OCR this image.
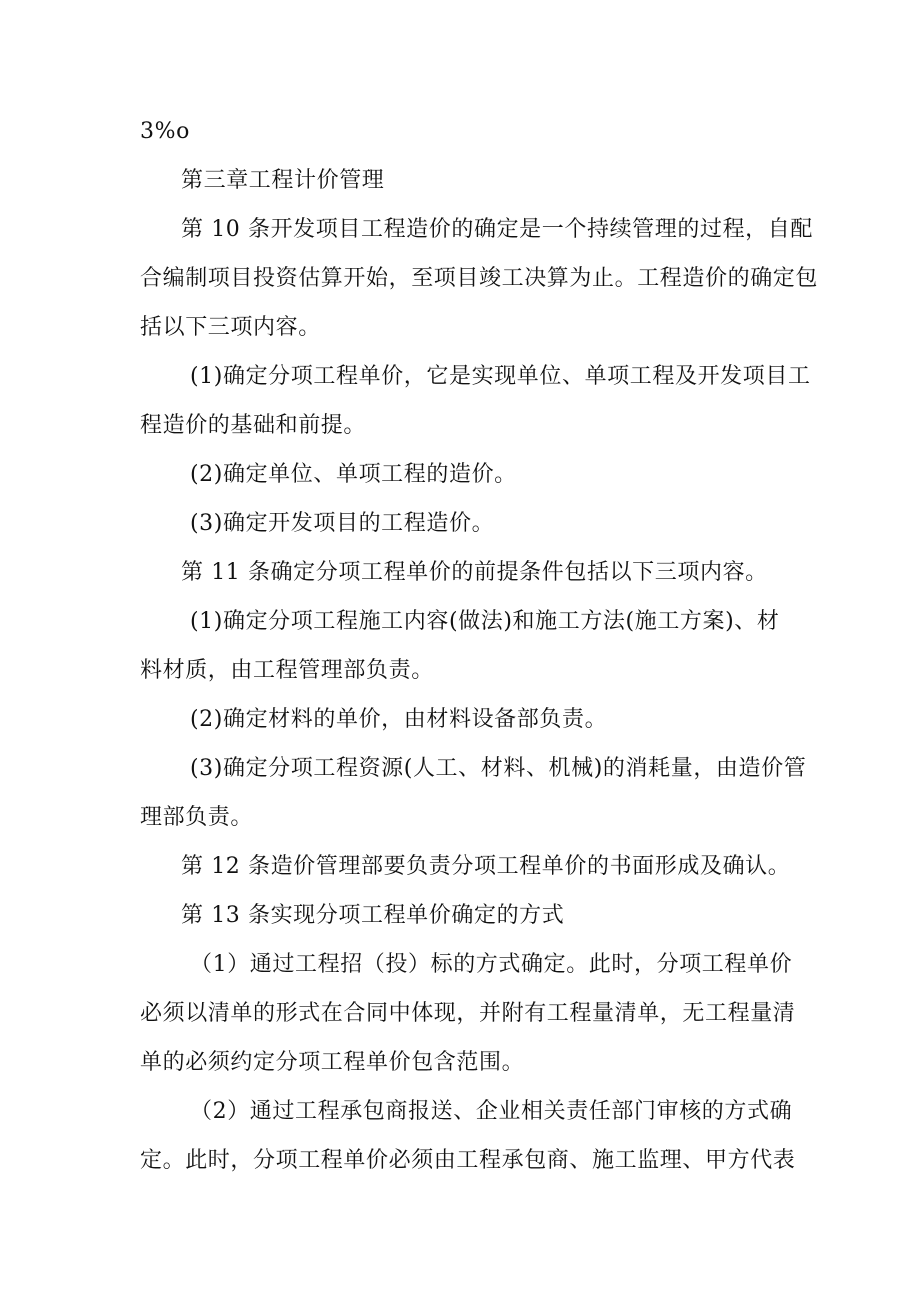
3%o
第三章工程计价管理
第 10 条开发项目工程造价的确定是一个持续管理的过程，自配
合编制项目投资估算开始，至项目竣工决算为止。工程造价的确定包
括以下三项内容。
(1)确定分项工程单价，它是实现单位、单项工程及开发项目工
程造价的基础和前提。
(2)确定单位、单项工程的造价。
(3)确定开发项目的工程造价。
第 11 条确定分项工程单价的前提条件包括以下三项内容。
(1)确定分项工程施工内容(做法)和施工方法(施工方案)、材
料材质，由工程管理部负责。
(2)确定材料的单价，由材料设备部负责。
(3)确定分项工程资源(人工、材料、机械)的消耗量，由造价管
理部负责。
第 12 条造价管理部要负责分项工程单价的书面形成及确认。
第 13 条实现分项工程单价确定的方式
（1）通过工程招（投）标的方式确定。此时，分项工程单价
必须以清单的形式在合同中体现，并附有工程量清单，无工程量清
单的必须约定分项工程单价包含范围。
（2）通过工程承包商报送、企业相关责任部门审核的方式确
定。此时，分项工程单价必须由工程承包商、施工监理、甲方代表
